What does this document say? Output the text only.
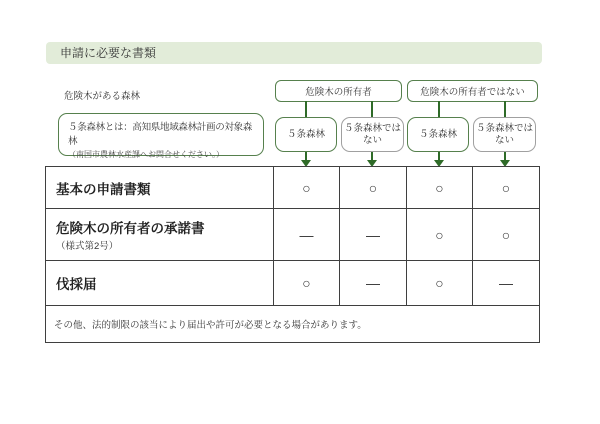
申請に必要な書類
危険木がある森林
５条森林とは：高知県地域森林計画の対象森林
（南国市農林水産課へお問合せください。）
危険木の所有者	危険木の所有者ではない
５条森林
５条森林ではない
５条森林
５条森林ではない
基本の申請書類	○	○	○	○

危険木の所有者の承諾書
（様式第2号）	―	―	○	○

伐採届	○	―	○	―
その他、法的制限の該当により届出や許可が必要となる場合があります。				
